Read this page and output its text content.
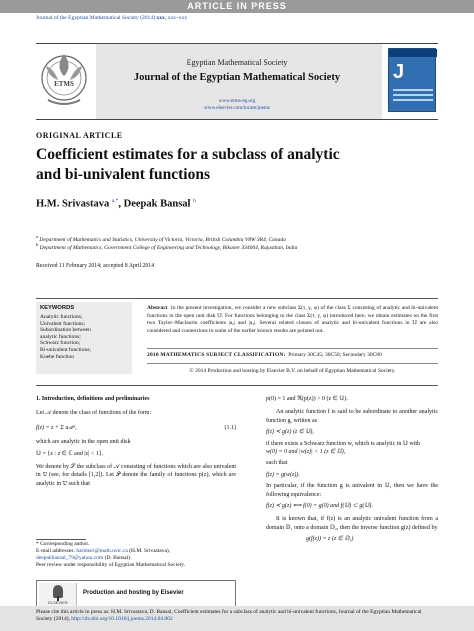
ARTICLE IN PRESS
Journal of the Egyptian Mathematical Society (2014) xxx, xxx–xxx
ETMS
Egyptian Mathematical Society
Journal of the Egyptian Mathematical Society
www.etms-eg.org
www.elsevier.com/locate/joems
J
ORIGINAL ARTICLE
Coefficient estimates for a subclass of analytic
and bi-univalent functions
H.M. Srivastava $^{a,*}$, Deepak Bansal $^b$
$^a$ Department of Mathematics and Statistics, University of Victoria, Victoria, British Columbia V8W 3R4, Canada
$^b$ Department of Mathematics, Government College of Engineering and Technology, Bikaner 334004, Rajasthan, India
Received 11 February 2014; accepted 8 April 2014
KEYWORDS
Analytic functions;
Univalent functions;
Subordination between
analytic functions;
Schwarz function;
Bi-univalent functions;
Koebe function
Abstract In the present investigation, we consider a new subclass Σ(τ, γ, φ) of the class Σ consisting of analytic and bi-univalent functions in the open unit disk 𝕌. For functions belonging to the class Σ(τ, γ, φ) introduced here, we obtain estimates on the first two Taylor–Maclaurin coefficients |a₂| and |a₃|. Several related classes of analytic and bi-univalent functions in 𝕌 are also considered and connections to some of the earlier known results are pointed out.
2010 MATHEMATICS SUBJECT CLASSIFICATION: Primary 30C45; 30C50; Secondary 30C80
© 2014 Production and hosting by Elsevier B.V. on behalf of Egyptian Mathematical Society.
1. Introduction, definitions and preliminaries
Let 𝒜 denote the class of functions of the form:
f(z) = z + Σ aₙzⁿ,	(1.1)
which are analytic in the open unit disk
𝕌 = {z : z ∈ ℂ and |z| < 1}.
We denote by 𝒮 the subclass of 𝒜 consisting of functions which are also univalent in 𝕌 (see, for details [1,2]). Let 𝒫 denote the family of functions p(z), which are analytic in 𝕌 such that
p(0) = 1 and ℜ(p(z)) > 0 (z ∈ 𝕌).
An analytic function f is said to be subordinate to another analytic function g, written as
f(z) ≺ g(z) (z ∈ 𝕌),
if there exists a Schwarz function w, which is analytic in 𝕌 with
w(0) = 0 and |w(z)| < 1 (z ∈ 𝕌),
such that
f(z) = g(w(z)).
In particular, if the function g is univalent in 𝕌, then we have the following equivalence:
f(z) ≺ g(z) ⟺ f(0) = g(0) and f(𝕌) ⊂ g(𝕌).
It is known that, if f(z) is an analytic univalent function from a domain 𝔻₁ onto a domain 𝔻₂, then the inverse function g(z) defined by
g(f(z)) = z (z ∈ 𝔻₁)
* Corresponding author.
E-mail addresses: harimsri@math.uvic.ca (H.M. Srivastava), deepakbansal_79@yahoo.com (D. Bansal).
Peer review under responsibility of Egyptian Mathematical Society.
ELSEVIER
Production and hosting by Elsevier
Please cite this article in press as: H.M. Srivastava, D. Bansal, Coefficient estimates for a subclass of analytic and bi-univalent functions, Journal of the Egyptian Mathematical Society (2014), http://dx.doi.org/10.1016/j.joems.2014.04.002
